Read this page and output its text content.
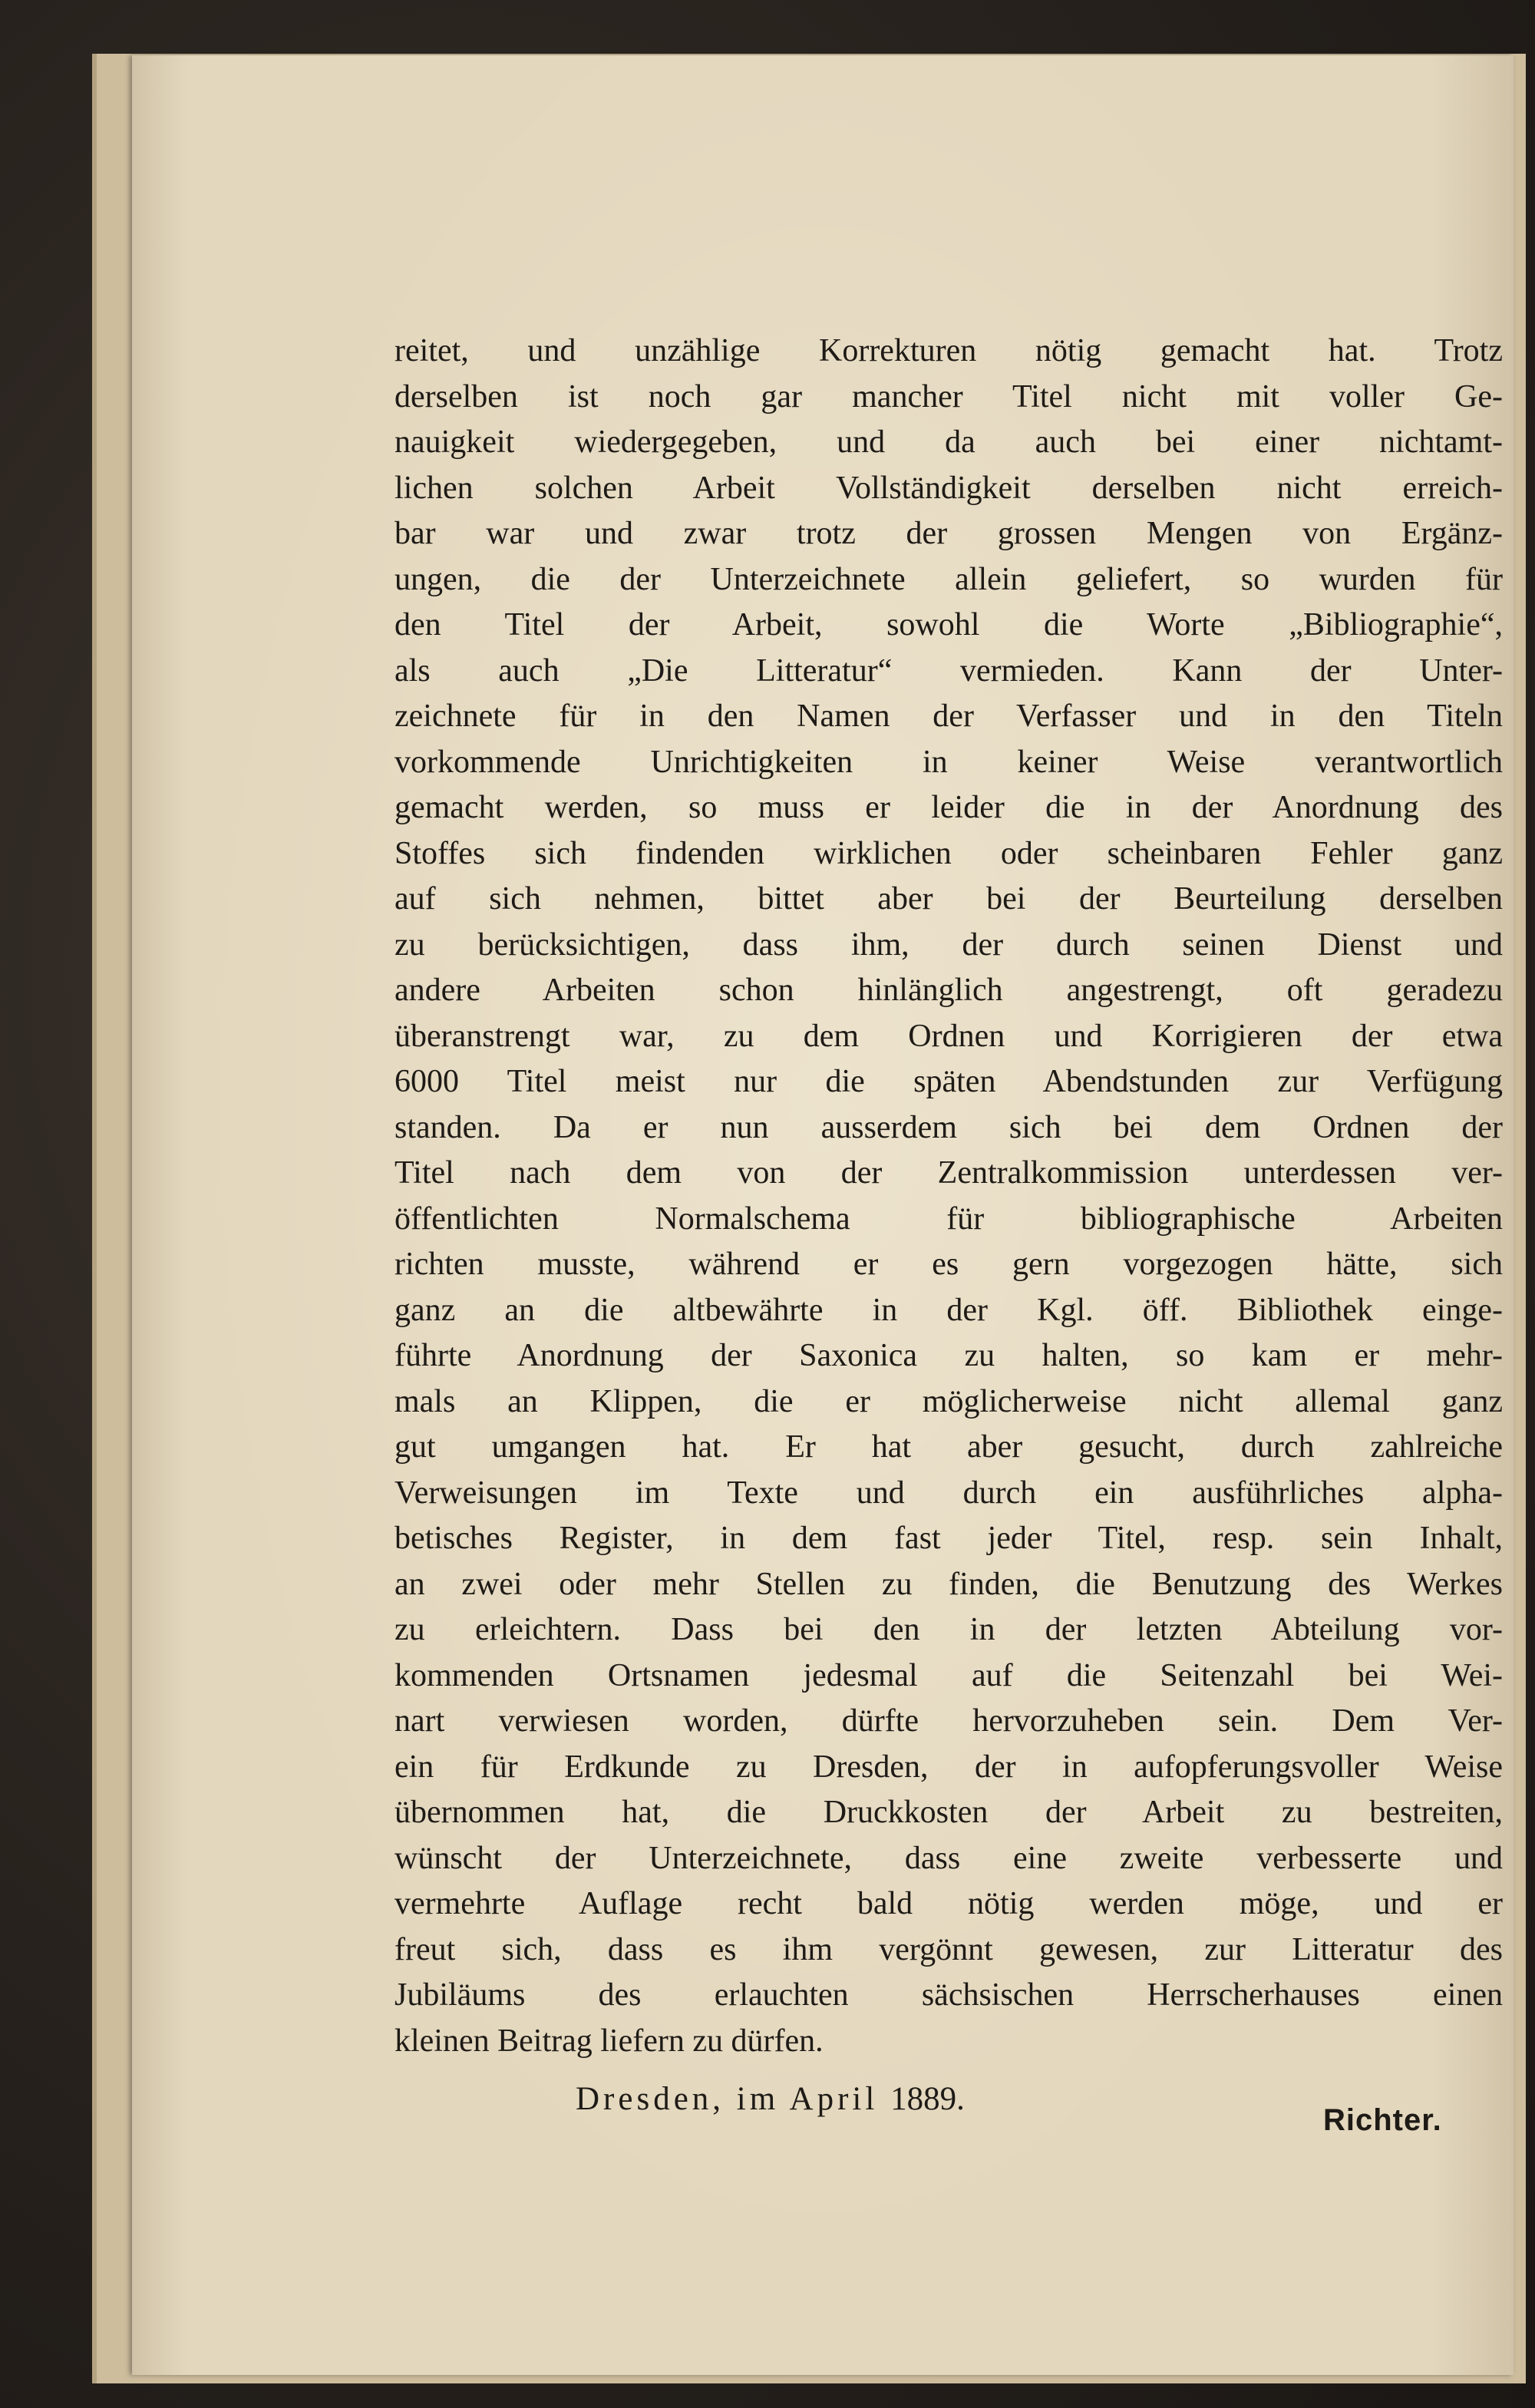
reitet, und unzählige Korrekturen nötig gemacht hat. Trotz
derselben ist noch gar mancher Titel nicht mit voller Ge-
nauigkeit wiedergegeben, und da auch bei einer nichtamt-
lichen solchen Arbeit Vollständigkeit derselben nicht erreich-
bar war und zwar trotz der grossen Mengen von Ergänz-
ungen, die der Unterzeichnete allein geliefert, so wurden für
den Titel der Arbeit, sowohl die Worte „Bibliographie“,
als auch „Die Litteratur“ vermieden. Kann der Unter-
zeichnete für in den Namen der Verfasser und in den Titeln
vorkommende Unrichtigkeiten in keiner Weise verantwortlich
gemacht werden, so muss er leider die in der Anordnung des
Stoffes sich findenden wirklichen oder scheinbaren Fehler ganz
auf sich nehmen, bittet aber bei der Beurteilung derselben
zu berücksichtigen, dass ihm, der durch seinen Dienst und
andere Arbeiten schon hinlänglich angestrengt, oft geradezu
überanstrengt war, zu dem Ordnen und Korrigieren der etwa
6000 Titel meist nur die späten Abendstunden zur Verfügung
standen. Da er nun ausserdem sich bei dem Ordnen der
Titel nach dem von der Zentralkommission unterdessen ver-
öffentlichten Normalschema für bibliographische Arbeiten
richten musste, während er es gern vorgezogen hätte, sich
ganz an die altbewährte in der Kgl. öff. Bibliothek einge-
führte Anordnung der Saxonica zu halten, so kam er mehr-
mals an Klippen, die er möglicherweise nicht allemal ganz
gut umgangen hat. Er hat aber gesucht, durch zahlreiche
Verweisungen im Texte und durch ein ausführliches alpha-
betisches Register, in dem fast jeder Titel, resp. sein Inhalt,
an zwei oder mehr Stellen zu finden, die Benutzung des Werkes
zu erleichtern. Dass bei den in der letzten Abteilung vor-
kommenden Ortsnamen jedesmal auf die Seitenzahl bei Wei-
nart verwiesen worden, dürfte hervorzuheben sein. Dem Ver-
ein für Erdkunde zu Dresden, der in aufopferungsvoller Weise
übernommen hat, die Druckkosten der Arbeit zu bestreiten,
wünscht der Unterzeichnete, dass eine zweite verbesserte und
vermehrte Auflage recht bald nötig werden möge, und er
freut sich, dass es ihm vergönnt gewesen, zur Litteratur des
Jubiläums des erlauchten sächsischen Herrscherhauses einen
kleinen Beitrag liefern zu dürfen.
Dresden, im April 1889.
Richter.
